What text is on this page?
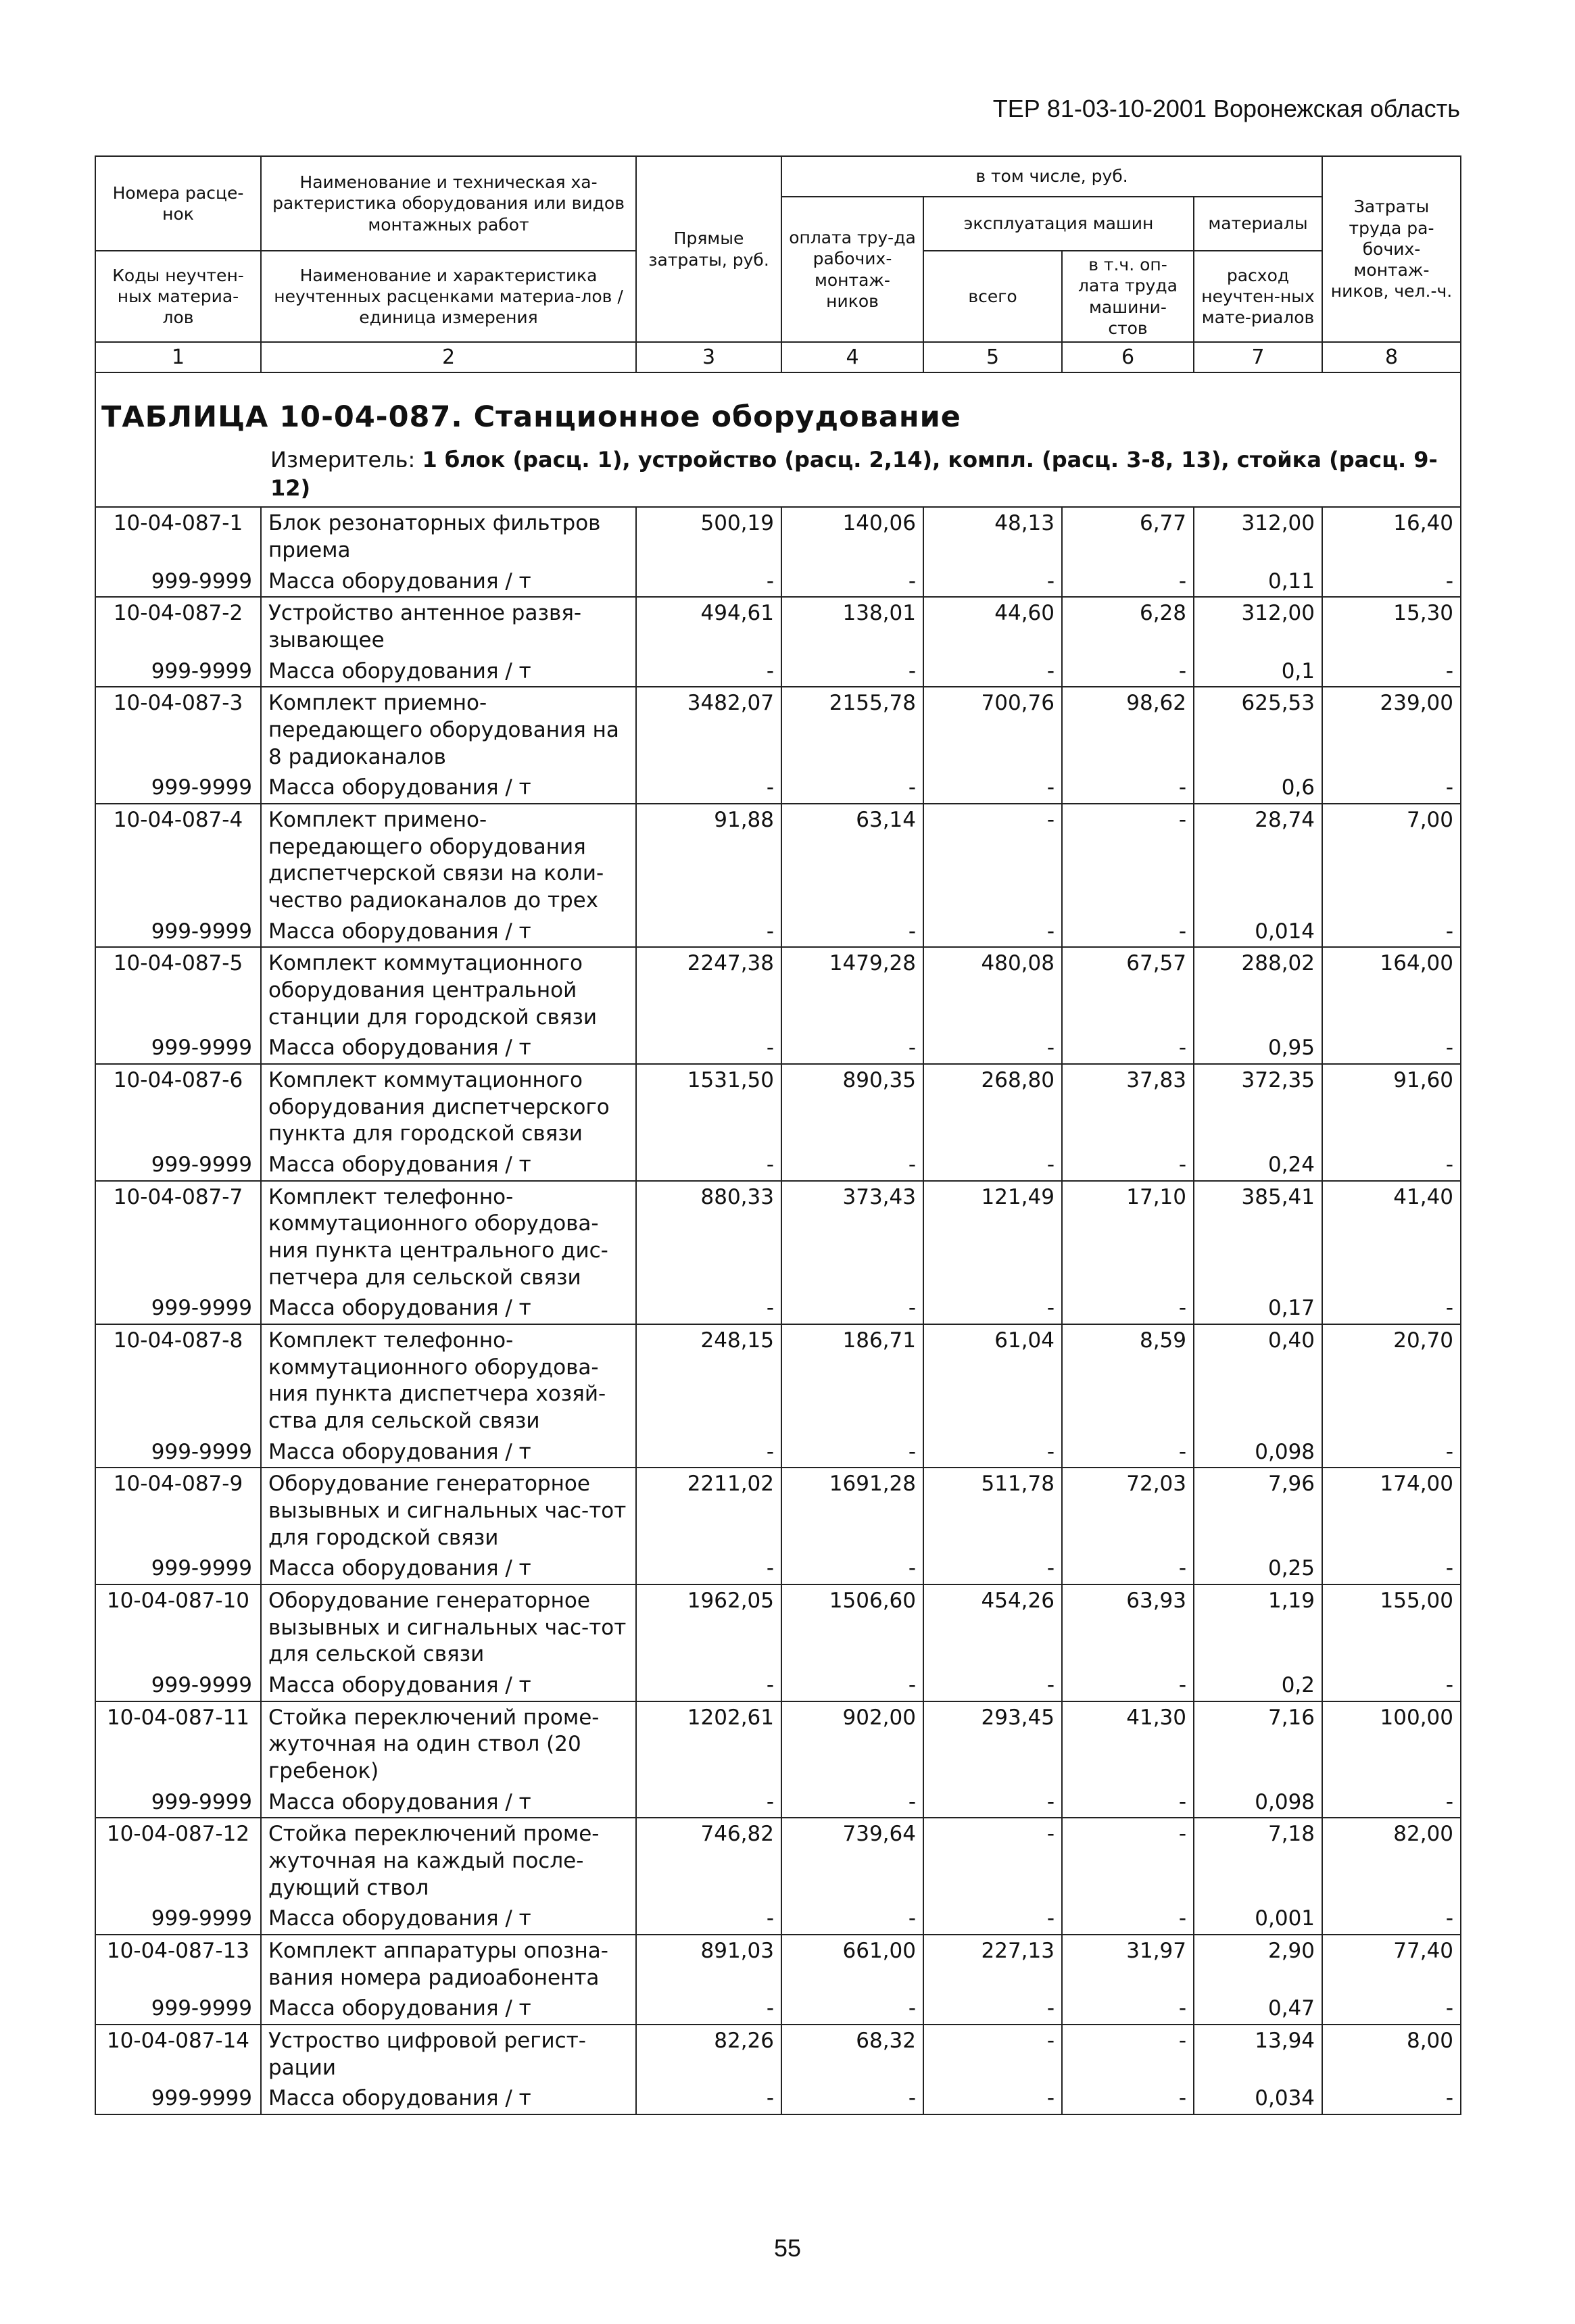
ТЕР 81-03-10-2001 Воронежская область
Номера расце-нок	Наименование и техническая ха-рактеристика оборудования или видов монтажных работ	Прямые затраты, руб.	в том числе, руб.				Затраты труда ра-бочих-монтаж-ников, чел.-ч.
			оплата тру-да рабочих-монтаж-ников	эксплуатация машин		материалы	
Коды неучтен-ных материа-лов	Наименование и характеристика неучтенных расценками материа-лов / единица измерения			всего	в т.ч. оп-лата труда машини-стов	расход неучтен-ных мате-риалов	

1	2	3	4	5	6	7	8

ТАБЛИЦА 10-04-087. Станционное оборудование
Измеритель: 1 блок (расц. 1), устройство (расц. 2,14), компл. (расц. 3-8, 13), стойка (расц. 9-12)							

10-04-087-1	Блок резонаторных фильтров приема	500,19	140,06	48,13	6,77	312,00	16,40
999-9999	Масса оборудования / т	-	-	-	-	0,11	-
10-04-087-2	Устройство антенное развя-зывающее	494,61	138,01	44,60	6,28	312,00	15,30
999-9999	Масса оборудования / т	-	-	-	-	0,1	-
10-04-087-3	Комплект приемно-передающего оборудования на 8 радиоканалов	3482,07	2155,78	700,76	98,62	625,53	239,00
999-9999	Масса оборудования / т	-	-	-	-	0,6	-
10-04-087-4	Комплект примено-передающего оборудования диспетчерской связи на коли-чество радиоканалов до трех	91,88	63,14	-	-	28,74	7,00
999-9999	Масса оборудования / т	-	-	-	-	0,014	-
10-04-087-5	Комплект коммутационного оборудования центральной станции для городской связи	2247,38	1479,28	480,08	67,57	288,02	164,00
999-9999	Масса оборудования / т	-	-	-	-	0,95	-
10-04-087-6	Комплект коммутационного оборудования диспетчерского пункта для городской связи	1531,50	890,35	268,80	37,83	372,35	91,60
999-9999	Масса оборудования / т	-	-	-	-	0,24	-
10-04-087-7	Комплект телефонно-коммутационного оборудова-ния пункта центрального дис-петчера для сельской связи	880,33	373,43	121,49	17,10	385,41	41,40
999-9999	Масса оборудования / т	-	-	-	-	0,17	-
10-04-087-8	Комплект телефонно-коммутационного оборудова-ния пункта диспетчера хозяй-ства для сельской связи	248,15	186,71	61,04	8,59	0,40	20,70
999-9999	Масса оборудования / т	-	-	-	-	0,098	-
10-04-087-9	Оборудование генераторное вызывных и сигнальных час-тот для городской связи	2211,02	1691,28	511,78	72,03	7,96	174,00
999-9999	Масса оборудования / т	-	-	-	-	0,25	-
10-04-087-10	Оборудование генераторное вызывных и сигнальных час-тот для сельской связи	1962,05	1506,60	454,26	63,93	1,19	155,00
999-9999	Масса оборудования / т	-	-	-	-	0,2	-
10-04-087-11	Стойка переключений проме-жуточная на один ствол (20 гребенок)	1202,61	902,00	293,45	41,30	7,16	100,00
999-9999	Масса оборудования / т	-	-	-	-	0,098	-
10-04-087-12	Стойка переключений проме-жуточная на каждый после-дующий ствол	746,82	739,64	-	-	7,18	82,00
999-9999	Масса оборудования / т	-	-	-	-	0,001	-
10-04-087-13	Комплект аппаратуры опозна-вания номера радиоабонента	891,03	661,00	227,13	31,97	2,90	77,40
999-9999	Масса оборудования / т	-	-	-	-	0,47	-
10-04-087-14	Устроство цифровой регист-рации	82,26	68,32	-	-	13,94	8,00
999-9999	Масса оборудования / т	-	-	-	-	0,034	-
55
